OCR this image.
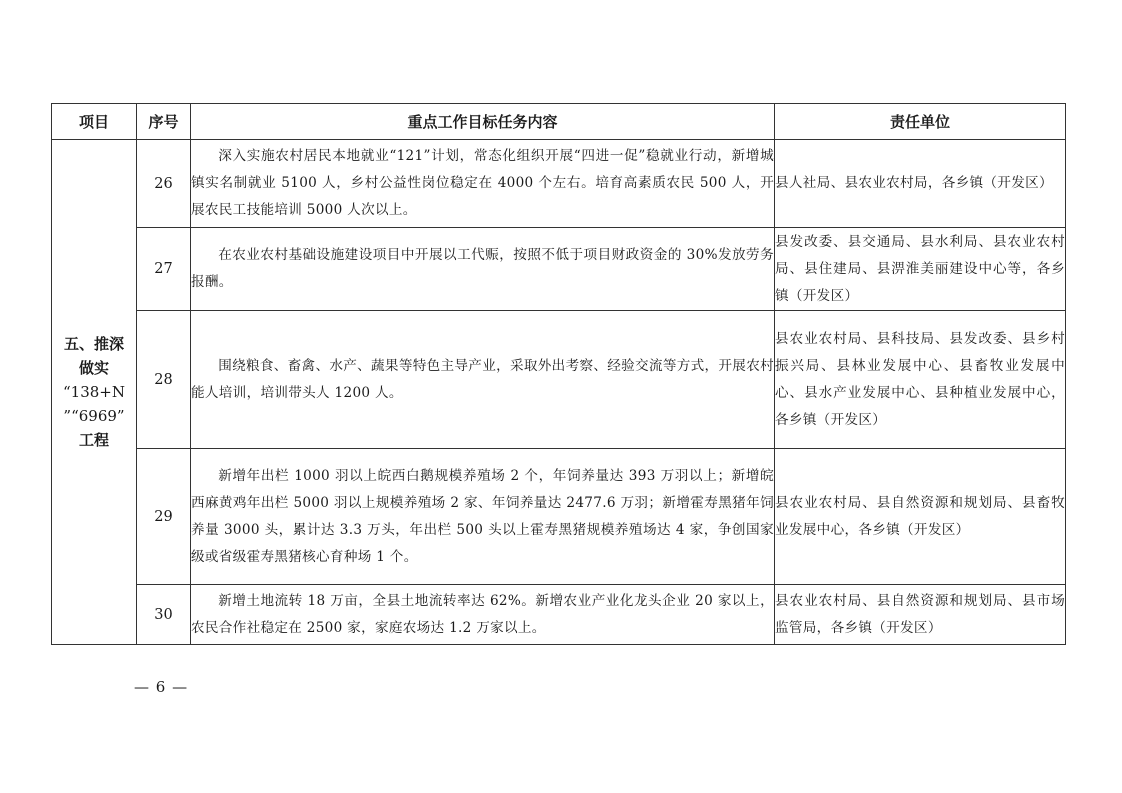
项目	序号	重点工作目标任务内容	责任单位

五、推深
做实
“138+N
”“6969”
工程	26	深入实施农村居民本地就业“121”计划，常态化组织开展“四进一促”稳就业行动，新增城镇实名制就业 5100 人，乡村公益性岗位稳定在 4000 个左右。培育高素质农民 500 人，开展农民工技能培训 5000 人次以上。	县人社局、县农业农村局，各乡镇（开发区）
	27	在农业农村基础设施建设项目中开展以工代赈，按照不低于项目财政资金的 30%发放劳务报酬。	县发改委、县交通局、县水利局、县农业农村局、县住建局、县淠淮美丽建设中心等，各乡镇（开发区）
	28	围绕粮食、畜禽、水产、蔬果等特色主导产业，采取外出考察、经验交流等方式，开展农村能人培训，培训带头人 1200 人。	县农业农村局、县科技局、县发改委、县乡村振兴局、县林业发展中心、县畜牧业发展中心、县水产业发展中心、县种植业发展中心，各乡镇（开发区）
	29	新增年出栏 1000 羽以上皖西白鹅规模养殖场 2 个，年饲养量达 393 万羽以上；新增皖西麻黄鸡年出栏 5000 羽以上规模养殖场 2 家、年饲养量达 2477.6 万羽；新增霍寿黑猪年饲养量 3000 头，累计达 3.3 万头，年出栏 500 头以上霍寿黑猪规模养殖场达 4 家，争创国家级或省级霍寿黑猪核心育种场 1 个。	县农业农村局、县自然资源和规划局、县畜牧业发展中心，各乡镇（开发区）
	30	新增土地流转 18 万亩，全县土地流转率达 62%。新增农业产业化龙头企业 20 家以上，农民合作社稳定在 2500 家，家庭农场达 1.2 万家以上。	县农业农村局、县自然资源和规划局、县市场监管局，各乡镇（开发区）
— 6 —
